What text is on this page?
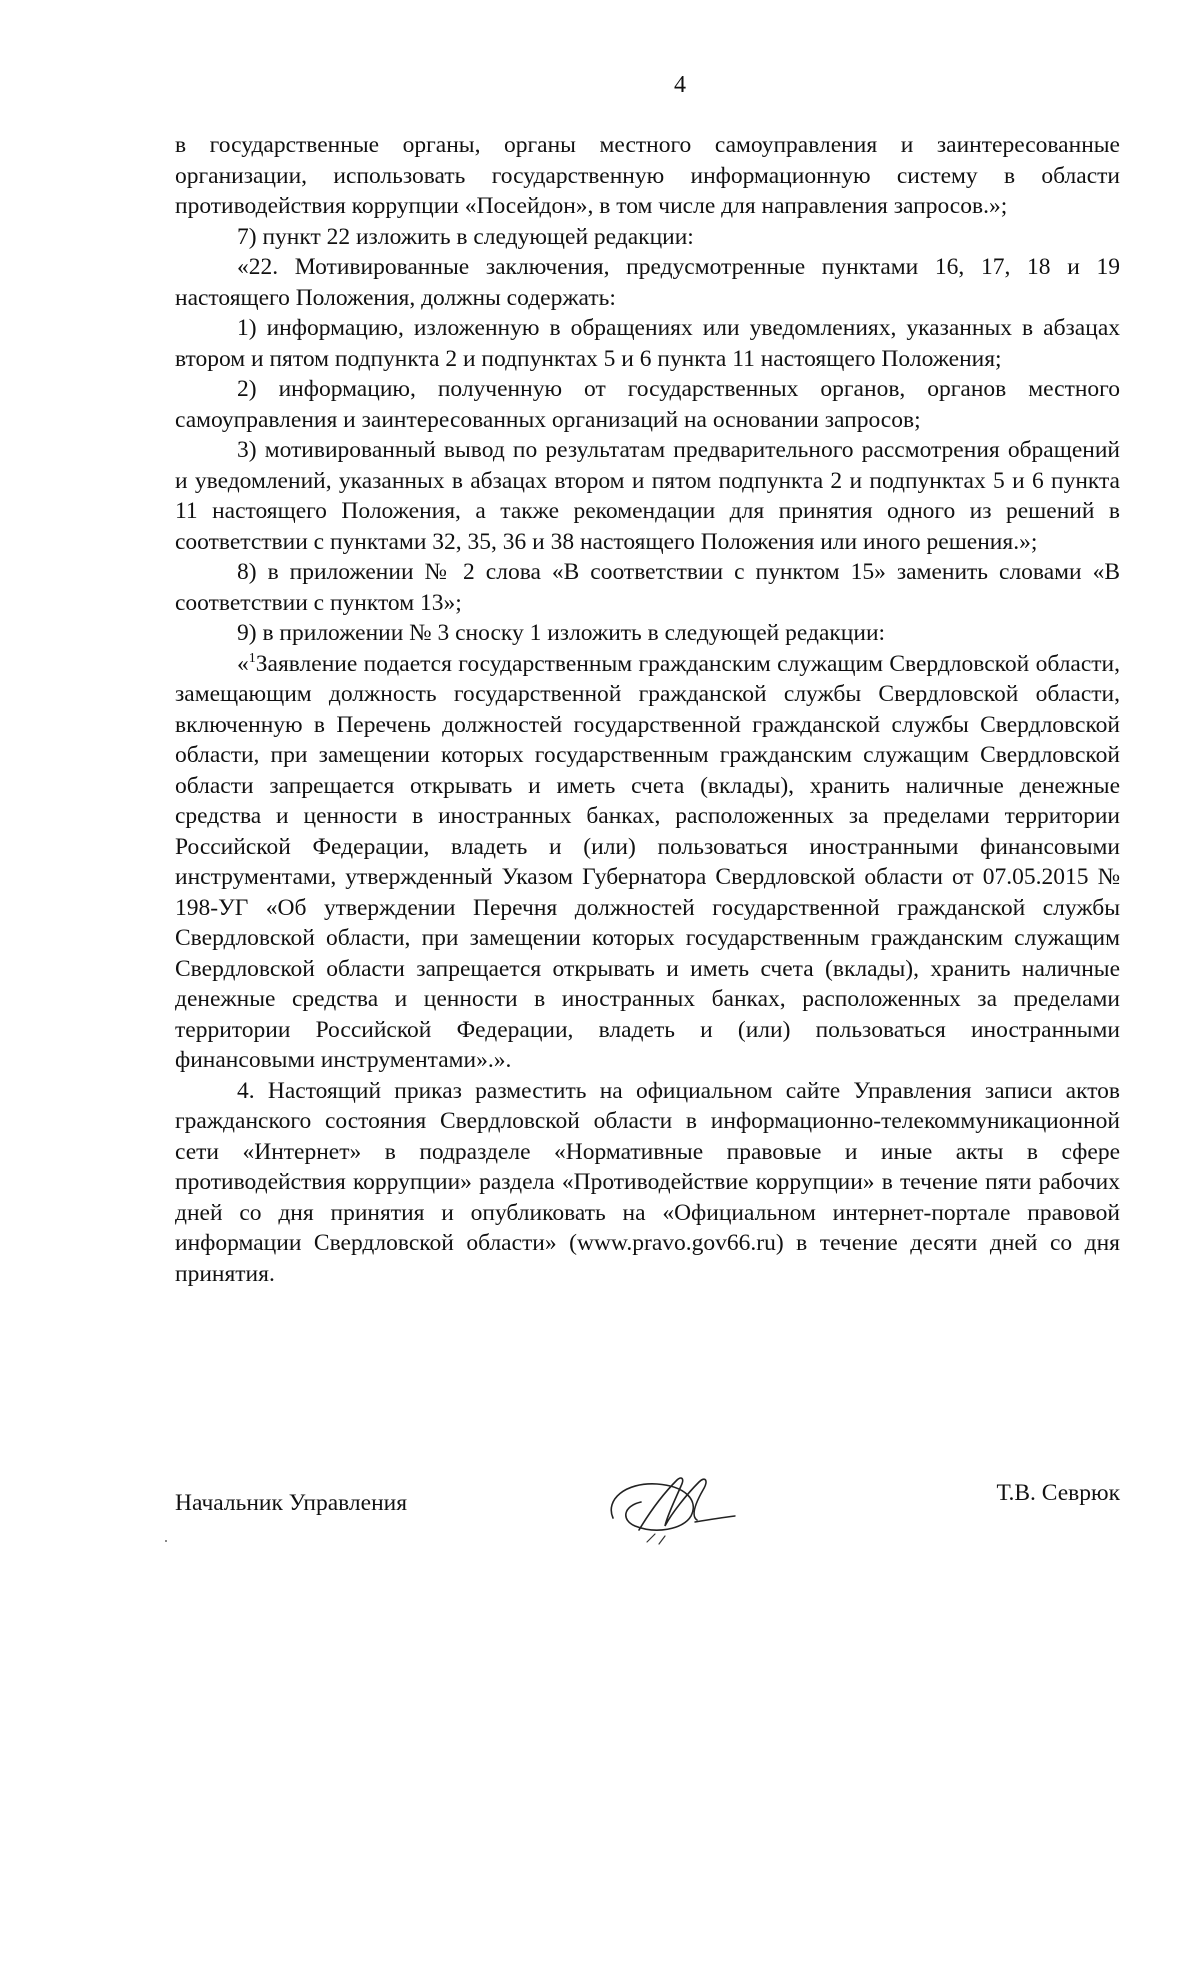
4

в государственные органы, органы местного самоуправления и заинтересованные организации, использовать государственную информационную систему в области противодействия коррупции «Посейдон», в том числе для направления запросов.»;

7) пункт 22 изложить в следующей редакции:

«22. Мотивированные заключения, предусмотренные пунктами 16, 17, 18 и 19 настоящего Положения, должны содержать:

1) информацию, изложенную в обращениях или уведомлениях, указанных в абзацах втором и пятом подпункта 2 и подпунктах 5 и 6 пункта 11 настоящего Положения;

2) информацию, полученную от государственных органов, органов местного самоуправления и заинтересованных организаций на основании запросов;

3) мотивированный вывод по результатам предварительного рассмотрения обращений и уведомлений, указанных в абзацах втором и пятом подпункта 2 и подпунктах 5 и 6 пункта 11 настоящего Положения, а также рекомендации для принятия одного из решений в соответствии с пунктами 32, 35, 36 и 38 настоящего Положения или иного решения.»;

8) в приложении № 2 слова «В соответствии с пунктом 15» заменить словами «В соответствии с пунктом 13»;

9) в приложении № 3 сноску 1 изложить в следующей редакции:

«$^1$Заявление подается государственным гражданским служащим Свердловской области, замещающим должность государственной гражданской службы Свердловской области, включенную в Перечень должностей государственной гражданской службы Свердловской области, при замещении которых государственным гражданским служащим Свердловской области запрещается открывать и иметь счета (вклады), хранить наличные денежные средства и ценности в иностранных банках, расположенных за пределами территории Российской Федерации, владеть и (или) пользоваться иностранными финансовыми инструментами, утвержденный Указом Губернатора Свердловской области от 07.05.2015 № 198-УГ «Об утверждении Перечня должностей государственной гражданской службы Свердловской области, при замещении которых государственным гражданским служащим Свердловской области запрещается открывать и иметь счета (вклады), хранить наличные денежные средства и ценности в иностранных банках, расположенных за пределами территории Российской Федерации, владеть и (или) пользоваться иностранными финансовыми инструментами».».

4. Настоящий приказ разместить на официальном сайте Управления записи актов гражданского состояния Свердловской области в информационно-телекоммуникационной сети «Интернет» в подразделе «Нормативные правовые и иные акты в сфере противодействия коррупции» раздела «Противодействие коррупции» в течение пяти рабочих дней со дня принятия и опубликовать на «Официальном интернет-портале правовой информации Свердловской области» (www.pravo.gov66.ru) в течение десяти дней со дня принятия.

Начальник Управления	Т.В. Севрюк
